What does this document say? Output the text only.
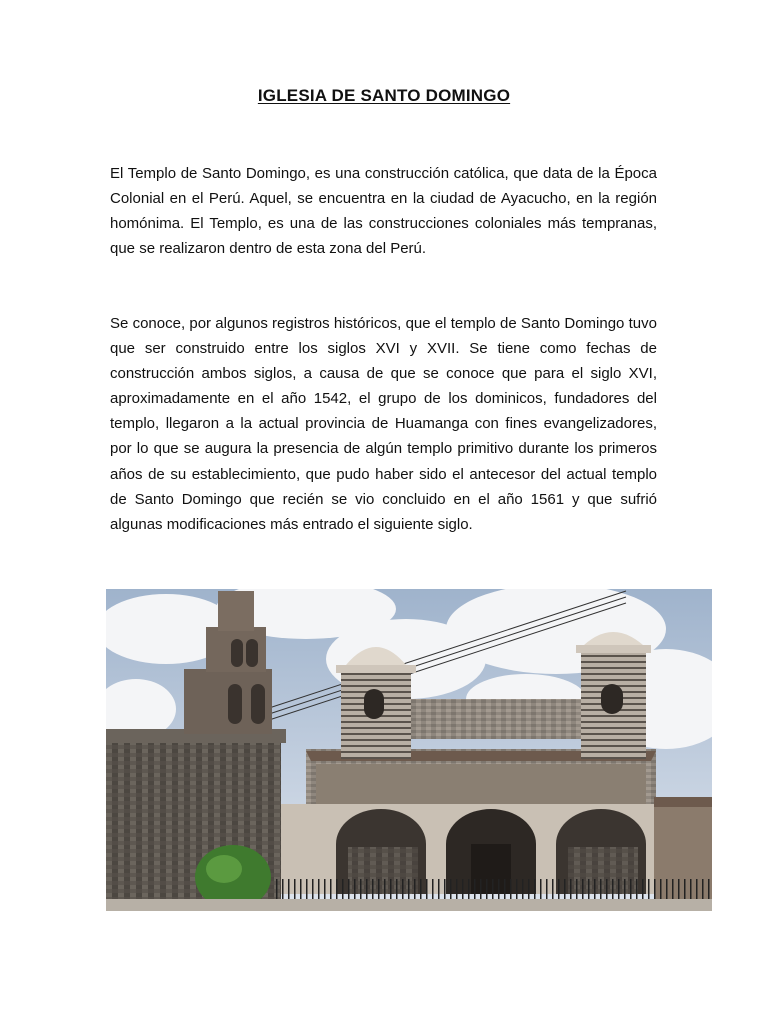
IGLESIA DE SANTO DOMINGO

El Templo de Santo Domingo, es una construcción católica, que data de la Época Colonial en el Perú. Aquel, se encuentra en la ciudad de Ayacucho, en la región homónima. El Templo, es una de las construcciones coloniales más tempranas, que se realizaron dentro de esta zona del Perú.

Se conoce, por algunos registros históricos, que el templo de Santo Domingo tuvo que ser construido entre los siglos XVI y XVII. Se tiene como fechas de construcción ambos siglos, a causa de que se conoce que para el siglo XVI, aproximadamente en el año 1542, el grupo de los dominicos, fundadores del templo, llegaron a la actual provincia de Huamanga con fines evangelizadores, por lo que se augura la presencia de algún templo primitivo durante los primeros años de su establecimiento, que pudo haber sido el antecesor del actual templo de Santo Domingo que recién se vio concluido en el año 1561 y que sufrió algunas modificaciones más entrado el siguiente siglo.
